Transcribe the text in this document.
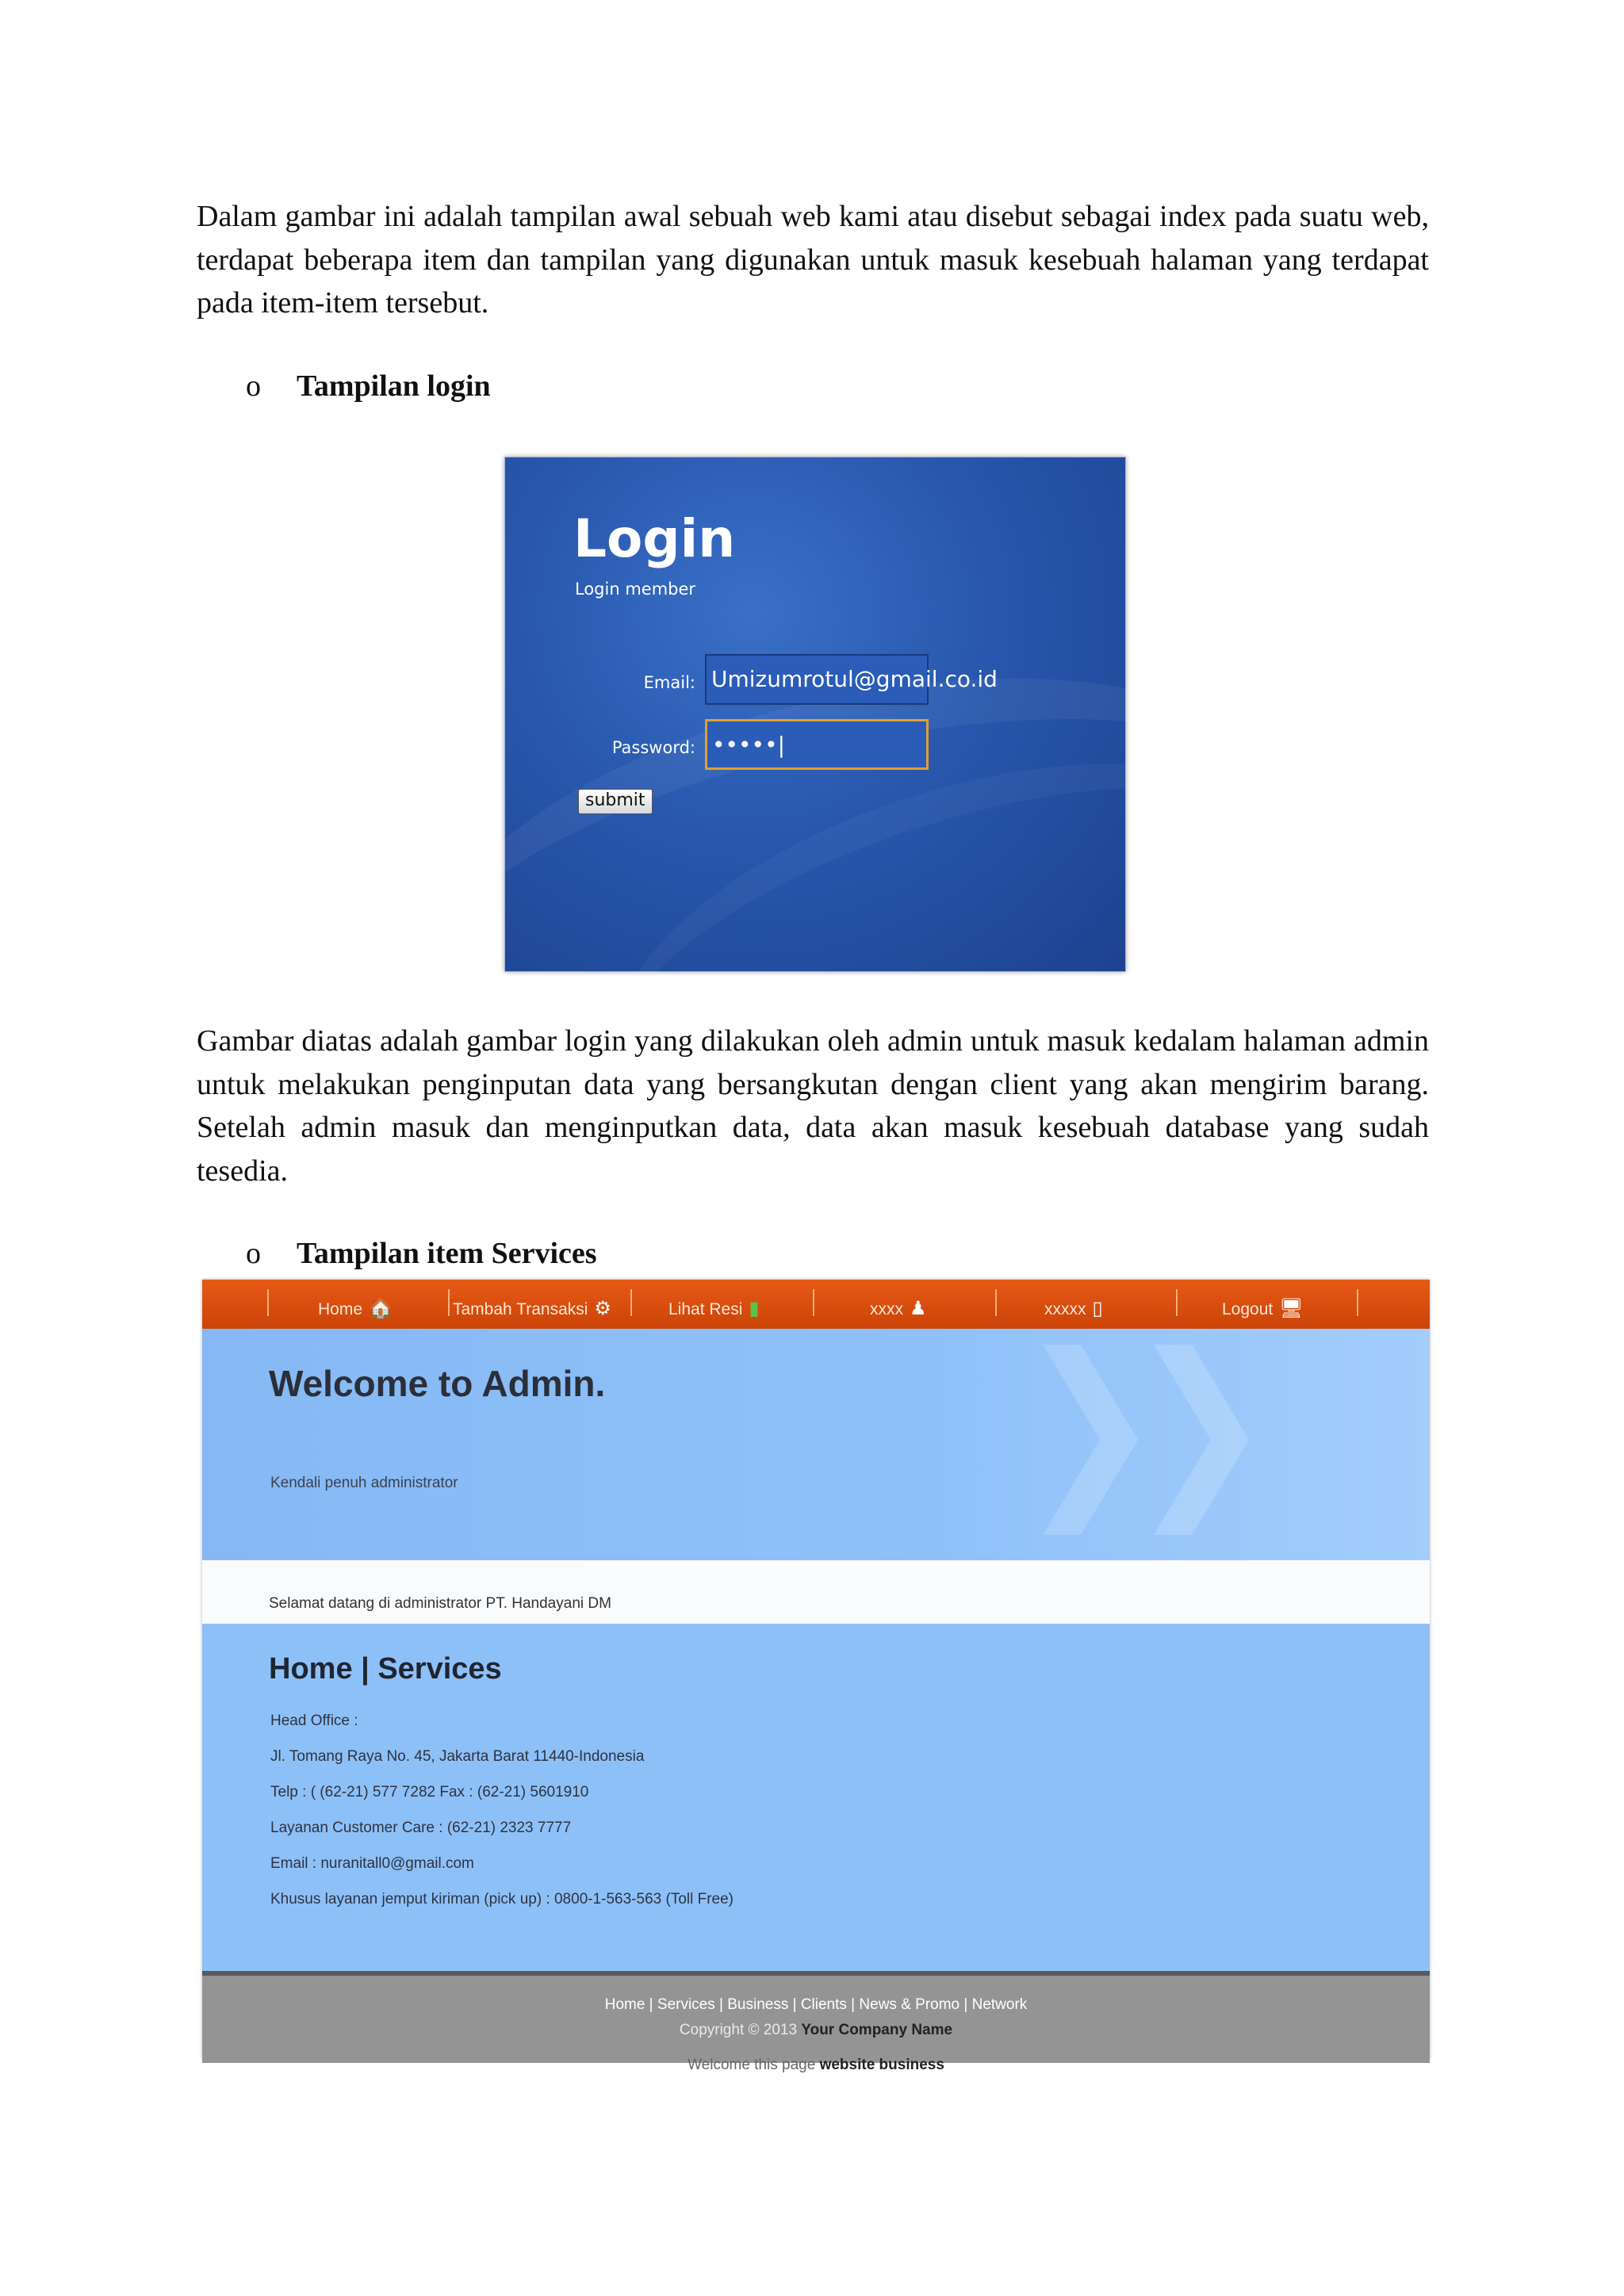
Dalam gambar ini adalah tampilan awal sebuah web kami atau disebut sebagai index pada suatu web, terdapat beberapa item dan tampilan yang digunakan untuk masuk kesebuah halaman yang terdapat pada item-item tersebut.

o Tampilan login

Login
Login member
Email: Umizumrotul@gmail.co.id
Password: •••••|
submit

Gambar diatas adalah gambar login yang dilakukan oleh admin untuk masuk kedalam halaman admin untuk melakukan penginputan data yang bersangkutan dengan client yang akan mengirim barang. Setelah admin masuk dan menginputkan data, data akan masuk kesebuah database yang sudah tesedia.

o Tampilan item Services

Home 🏠	Tambah Transaksi ⚙	Lihat Resi ▮	xxxx ♟	xxxxx ▯	Logout 🖥
Welcome to Admin.
Kendali penuh administrator
Selamat datang di administrator PT. Handayani DM
Home | Services
Head Office :
Jl. Tomang Raya No. 45, Jakarta Barat 11440-Indonesia
Telp : ( (62-21) 577 7282 Fax : (62-21) 5601910
Layanan Customer Care : (62-21) 2323 7777
Email : nuranitall0@gmail.com
Khusus layanan jemput kiriman (pick up) : 0800-1-563-563 (Toll Free)
Home | Services | Business | Clients | News & Promo | Network
Copyright © 2013 Your Company Name
Welcome this page website business
